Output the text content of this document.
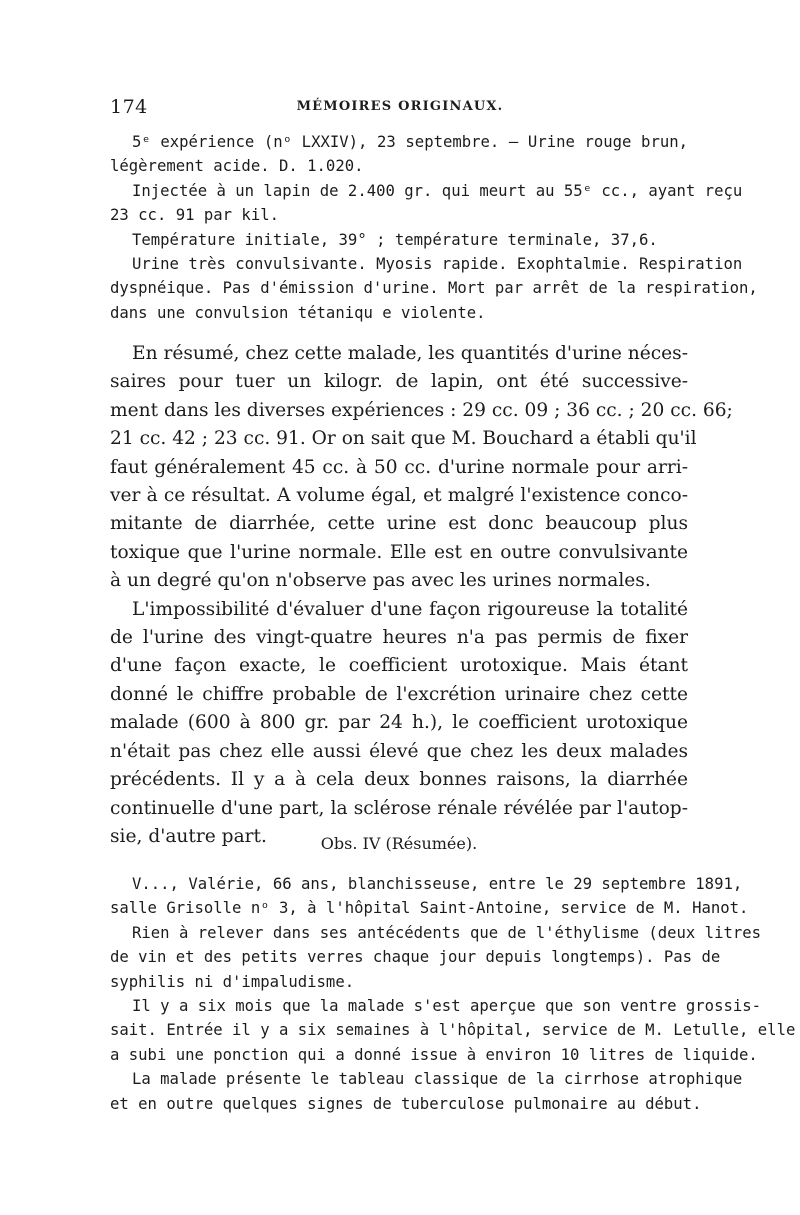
174	MÉMOIRES ORIGINAUX.
5ᵉ expérience (nᵒ LXXIV), 23 septembre. — Urine rouge brun,
légèrement acide. D. 1.020.
Injectée à un lapin de 2.400 gr. qui meurt au 55ᵉ cc., ayant reçu
23 cc. 91 par kil.
Température initiale, 39° ; température terminale, 37,6.
Urine très convulsivante. Myosis rapide. Exophtalmie. Respiration
dyspnéique. Pas d'émission d'urine. Mort par arrêt de la respiration,
dans une convulsion tétaniqu e violente.
En résumé, chez cette malade, les quantités d'urine néces-
saires pour tuer un kilogr. de lapin, ont été successive-
ment dans les diverses expériences : 29 cc. 09 ; 36 cc. ; 20 cc. 66;
21 cc. 42 ; 23 cc. 91. Or on sait que M. Bouchard a établi qu'il
faut généralement 45 cc. à 50 cc. d'urine normale pour arri-
ver à ce résultat. A volume égal, et malgré l'existence conco-
mitante de diarrhée, cette urine est donc beaucoup plus
toxique que l'urine normale. Elle est en outre convulsivante
à un degré qu'on n'observe pas avec les urines normales.
L'impossibilité d'évaluer d'une façon rigoureuse la totalité
de l'urine des vingt-quatre heures n'a pas permis de fixer
d'une façon exacte, le coefficient urotoxique. Mais étant
donné le chiffre probable de l'excrétion urinaire chez cette
malade (600 à 800 gr. par 24 h.), le coefficient urotoxique
n'était pas chez elle aussi élevé que chez les deux malades
précédents. Il y a à cela deux bonnes raisons, la diarrhée
continuelle d'une part, la sclérose rénale révélée par l'autop-
sie, d'autre part.	Obs. IV (Résumée).
V..., Valérie, 66 ans, blanchisseuse, entre le 29 septembre 1891,
salle Grisolle nᵒ 3, à l'hôpital Saint-Antoine, service de M. Hanot.
Rien à relever dans ses antécédents que de l'éthylisme (deux litres
de vin et des petits verres chaque jour depuis longtemps). Pas de
syphilis ni d'impaludisme.
Il y a six mois que la malade s'est aperçue que son ventre grossis-
sait. Entrée il y a six semaines à l'hôpital, service de M. Letulle, elle
a subi une ponction qui a donné issue à environ 10 litres de liquide.
La malade présente le tableau classique de la cirrhose atrophique
et en outre quelques signes de tuberculose pulmonaire au début.
